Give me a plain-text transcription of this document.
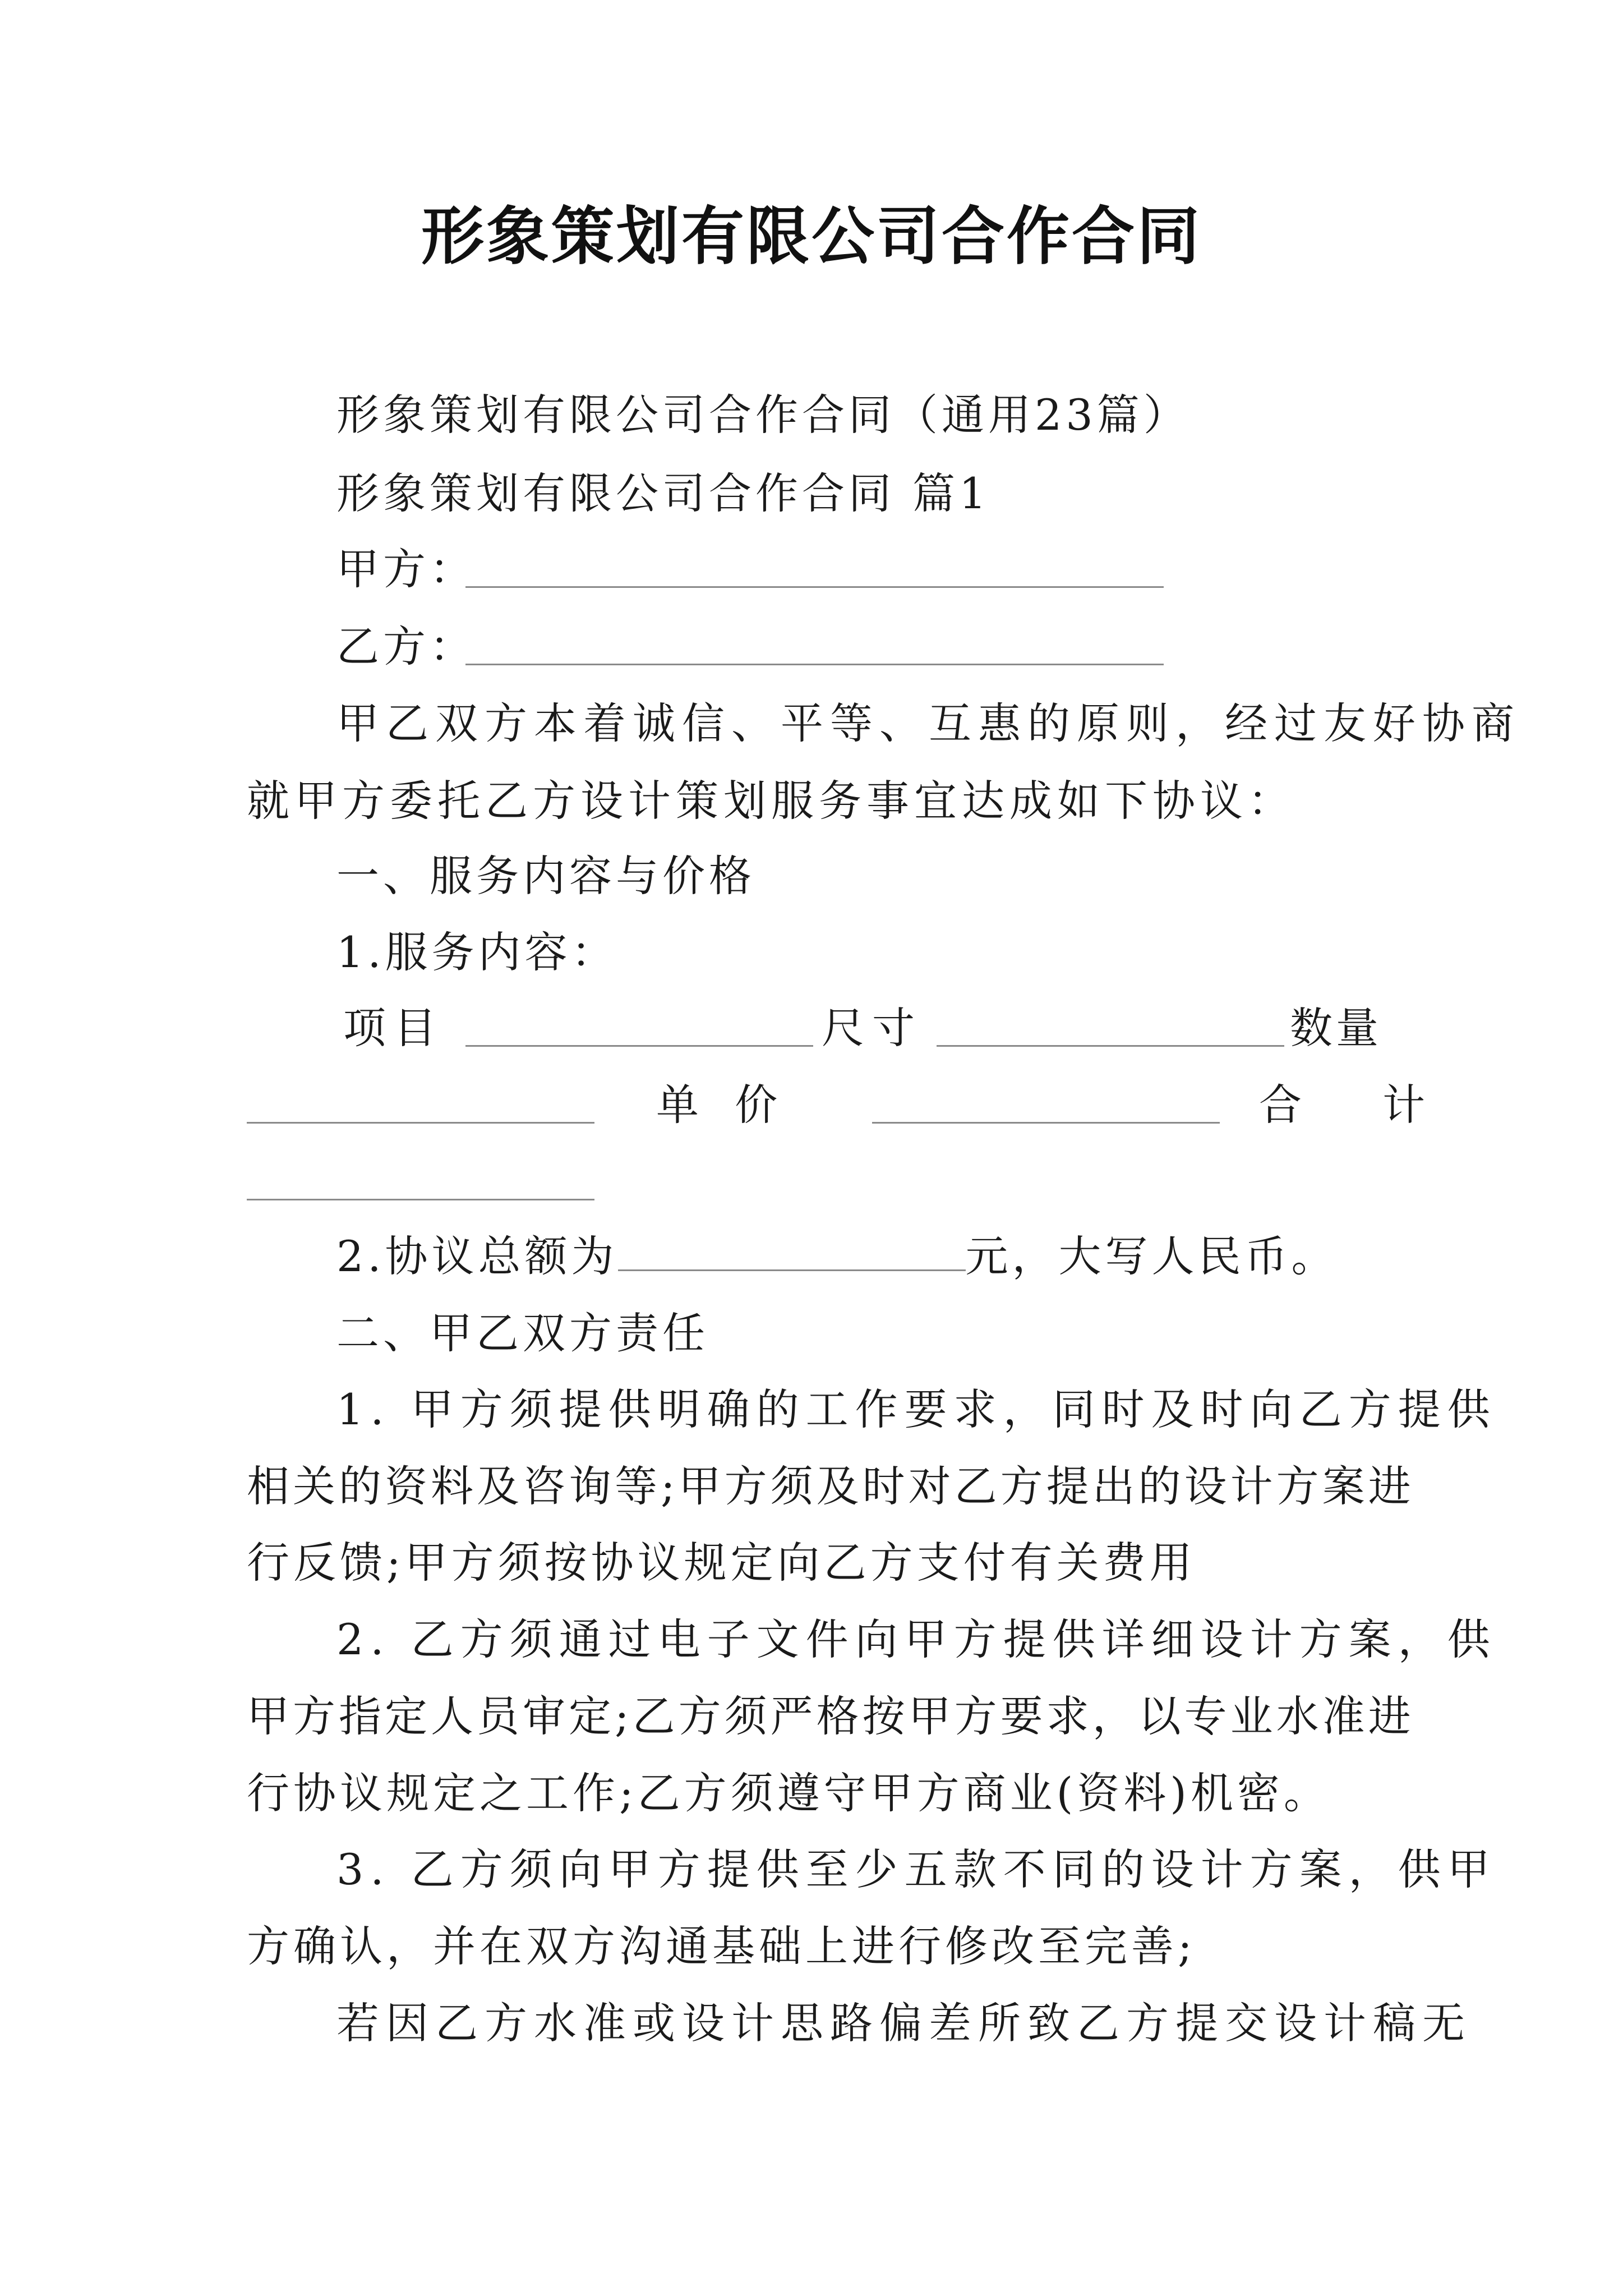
形象策划有限公司合作合同
形象策划有限公司合作合同（通用23篇）
形象策划有限公司合作合同 篇1
甲方：
乙方：
甲乙双方本着诚信、平等、互惠的原则，经过友好协商
就甲方委托乙方设计策划服务事宜达成如下协议：
一、服务内容与价格
1.服务内容：
项目	尺寸	数量
单 价	合 计
2.协议总额为	元，大写人民币。
二、甲乙双方责任
1. 甲方须提供明确的工作要求，同时及时向乙方提供
相关的资料及咨询等;甲方须及时对乙方提出的设计方案进
行反馈;甲方须按协议规定向乙方支付有关费用
2. 乙方须通过电子文件向甲方提供详细设计方案，供
甲方指定人员审定;乙方须严格按甲方要求，以专业水准进
行协议规定之工作;乙方须遵守甲方商业(资料)机密。
3. 乙方须向甲方提供至少五款不同的设计方案，供甲
方确认，并在双方沟通基础上进行修改至完善;
若因乙方水准或设计思路偏差所致乙方提交设计稿无
